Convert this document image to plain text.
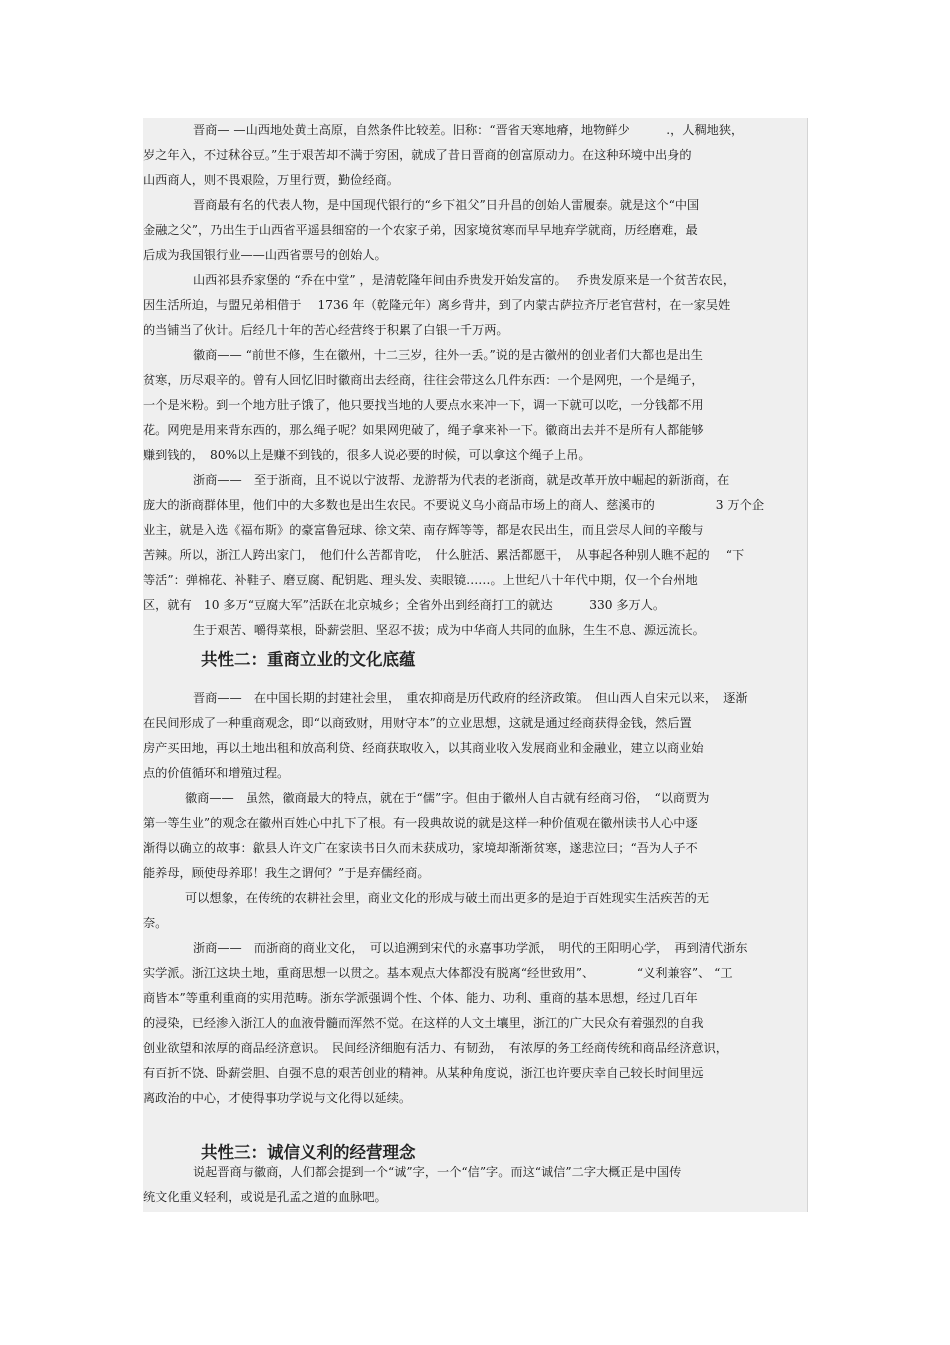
晋商— —山西地处黄土高原，自然条件比较差。旧称：“晋省天寒地瘠，地物鲜少　　　.，人稠地狭，
岁之年入，不过秫谷豆。”生于艰苦却不满于穷困，就成了昔日晋商的创富原动力。在这种环境中出身的
山西商人，则不畏艰险，万里行贾，勤俭经商。

晋商最有名的代表人物，是中国现代银行的“乡下祖父”日升昌的创始人雷履泰。就是这个“中国
金融之父”，乃出生于山西省平遥县细窑的一个农家子弟，因家境贫寒而早早地弃学就商，历经磨难，最
后成为我国银行业——山西省票号的创始人。

山西祁县乔家堡的 “乔在中堂” ，是清乾隆年间由乔贵发开始发富的。　 乔贵发原来是一个贫苦农民，
因生活所迫，与盟兄弟相借于　 1736 年（乾隆元年）离乡背井，到了内蒙古萨拉齐厅老官营村，在一家吴姓
的当铺当了伙计。后经几十年的苦心经营终于积累了白银一千万两。

徽商—— “前世不修，生在徽州，十二三岁，往外一丢。”说的是古徽州的创业者们大都也是出生
贫寒，历尽艰辛的。曾有人回忆旧时徽商出去经商，往往会带这么几件东西：一个是网兜，一个是绳子，
一个是米粉。到一个地方肚子饿了，他只要找当地的人要点水来冲一下，调一下就可以吃，一分钱都不用
花。网兜是用来背东西的，那么绳子呢？如果网兜破了，绳子拿来补一下。徽商出去并不是所有人都能够
赚到钱的，　80%以上是赚不到钱的，很多人说必要的时候，可以拿这个绳子上吊。

浙商——　至于浙商，且不说以宁波帮、龙游帮为代表的老浙商，就是改革开放中崛起的新浙商，在
庞大的浙商群体里，他们中的大多数也是出生农民。不要说义乌小商品市场上的商人、慈溪市的　　　　　3 万个企
业主，就是入选《福布斯》的豪富鲁冠球、徐文荣、南存辉等等，都是农民出生，而且尝尽人间的辛酸与
苦辣。所以，浙江人跨出家门，　他们什么苦都肯吃，　什么脏活、累活都愿干，　从事起各种别人瞧不起的　 “下
等活”：弹棉花、补鞋子、磨豆腐、配钥匙、理头发、卖眼镜……。上世纪八十年代中期，仅一个台州地
区，就有　10 多万“豆腐大军”活跃在北京城乡；全省外出到经商打工的就达　　　330 多万人。

生于艰苦、嚼得菜根，卧薪尝胆、坚忍不拔；成为中华商人共同的血脉，生生不息、源远流长。

共性二：重商立业的文化底蕴

晋商——　在中国长期的封建社会里，　重农抑商是历代政府的经济政策。　但山西人自宋元以来，　逐渐
在民间形成了一种重商观念，即“以商致财，用财守本”的立业思想，这就是通过经商获得金钱，然后置
房产买田地，再以土地出租和放高利贷、经商获取收入，以其商业收入发展商业和金融业，建立以商业始
点的价值循环和增殖过程。

徽商——　虽然，徽商最大的特点，就在于“儒”字。但由于徽州人自古就有经商习俗，　“以商贾为
第一等生业”的观念在徽州百姓心中扎下了根。有一段典故说的就是这样一种价值观在徽州读书人心中逐
渐得以确立的故事：歙县人许文广在家读书日久而未获成功，家境却渐渐贫寒，遂悲泣曰；“吾为人子不
能养母，顾使母养耶！我生之谓何？”于是弃儒经商。

可以想象，在传统的农耕社会里，商业文化的形成与破土而出更多的是迫于百姓现实生活疾苦的无
奈。

浙商——　而浙商的商业文化，　可以追溯到宋代的永嘉事功学派，　明代的王阳明心学，　再到清代浙东
实学派。浙江这块土地，重商思想一以贯之。基本观点大体都没有脱离“经世致用”、　　　　“义利兼容”、 “工
商皆本”等重利重商的实用范畴。浙东学派强调个性、个体、能力、功利、重商的基本思想，经过几百年
的浸染，已经渗入浙江人的血液骨髓而浑然不觉。在这样的人文土壤里，浙江的广大民众有着强烈的自我
创业欲望和浓厚的商品经济意识。　民间经济细胞有活力、有韧劲，　有浓厚的务工经商传统和商品经济意识，
有百折不饶、卧薪尝胆、自强不息的艰苦创业的精神。从某种角度说，浙江也许要庆幸自己较长时间里远
离政治的中心，才使得事功学说与文化得以延续。

共性三：诚信义利的经营理念

说起晋商与徽商，人们都会提到一个“诚”字，一个“信”字。而这“诚信”二字大概正是中国传
统文化重义轻利，或说是孔孟之道的血脉吧。
